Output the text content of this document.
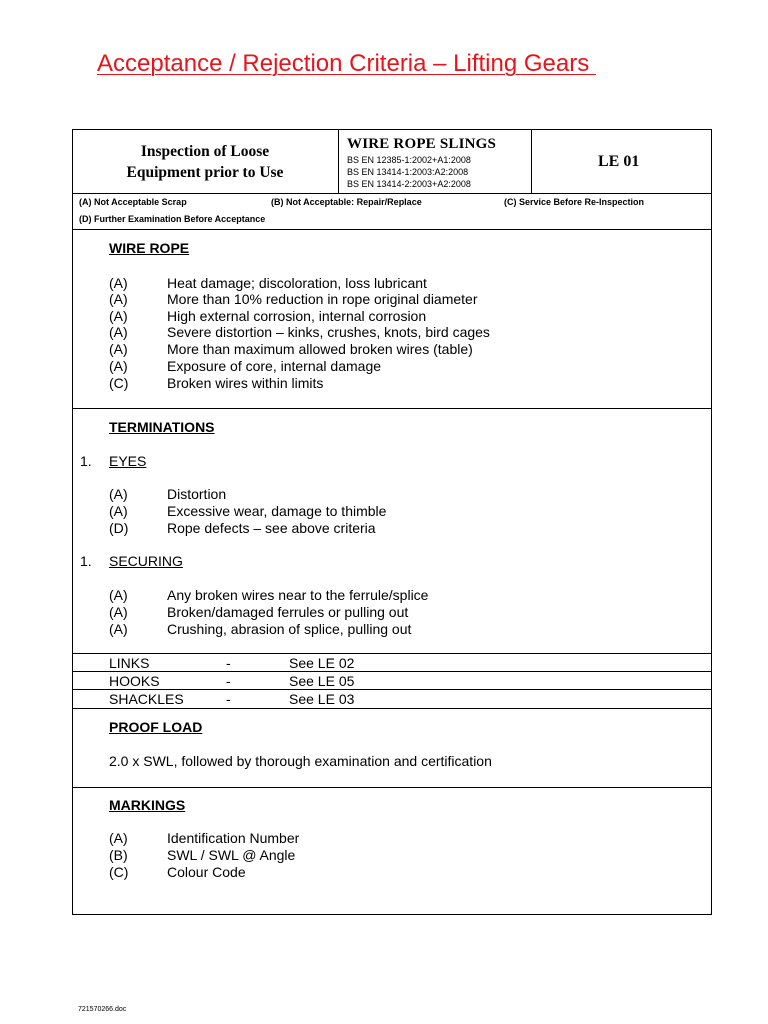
Acceptance / Rejection Criteria – Lifting Gears
Inspection of Loose
Equipment prior to Use
WIRE ROPE SLINGS
BS EN 12385-1:2002+A1:2008
BS EN 13414-1:2003:A2:2008
BS EN 13414-2:2003+A2:2008
LE 01
(A) Not Acceptable Scrap	(B) Not Acceptable: Repair/Replace	(C) Service Before Re-Inspection
(D) Further Examination Before Acceptance
WIRE ROPE
(A)	Heat damage; discoloration, loss lubricant
(A)	More than 10% reduction in rope original diameter
(A)	High external corrosion, internal corrosion
(A)	Severe distortion – kinks, crushes, knots, bird cages
(A)	More than maximum allowed broken wires (table)
(A)	Exposure of core, internal damage
(C)	Broken wires within limits
TERMINATIONS
1. EYES
(A)	Distortion
(A)	Excessive wear, damage to thimble
(D)	Rope defects – see above criteria
1. SECURING
(A)	Any broken wires near to the ferrule/splice
(A)	Broken/damaged ferrules or pulling out
(A)	Crushing, abrasion of splice, pulling out
LINKS	-	See LE 02
HOOKS	-	See LE 05
SHACKLES	-	See LE 03
PROOF LOAD
2.0 x SWL, followed by thorough examination and certification
MARKINGS
(A)	Identification Number
(B)	SWL / SWL @ Angle
(C)	Colour Code
721570266.doc
